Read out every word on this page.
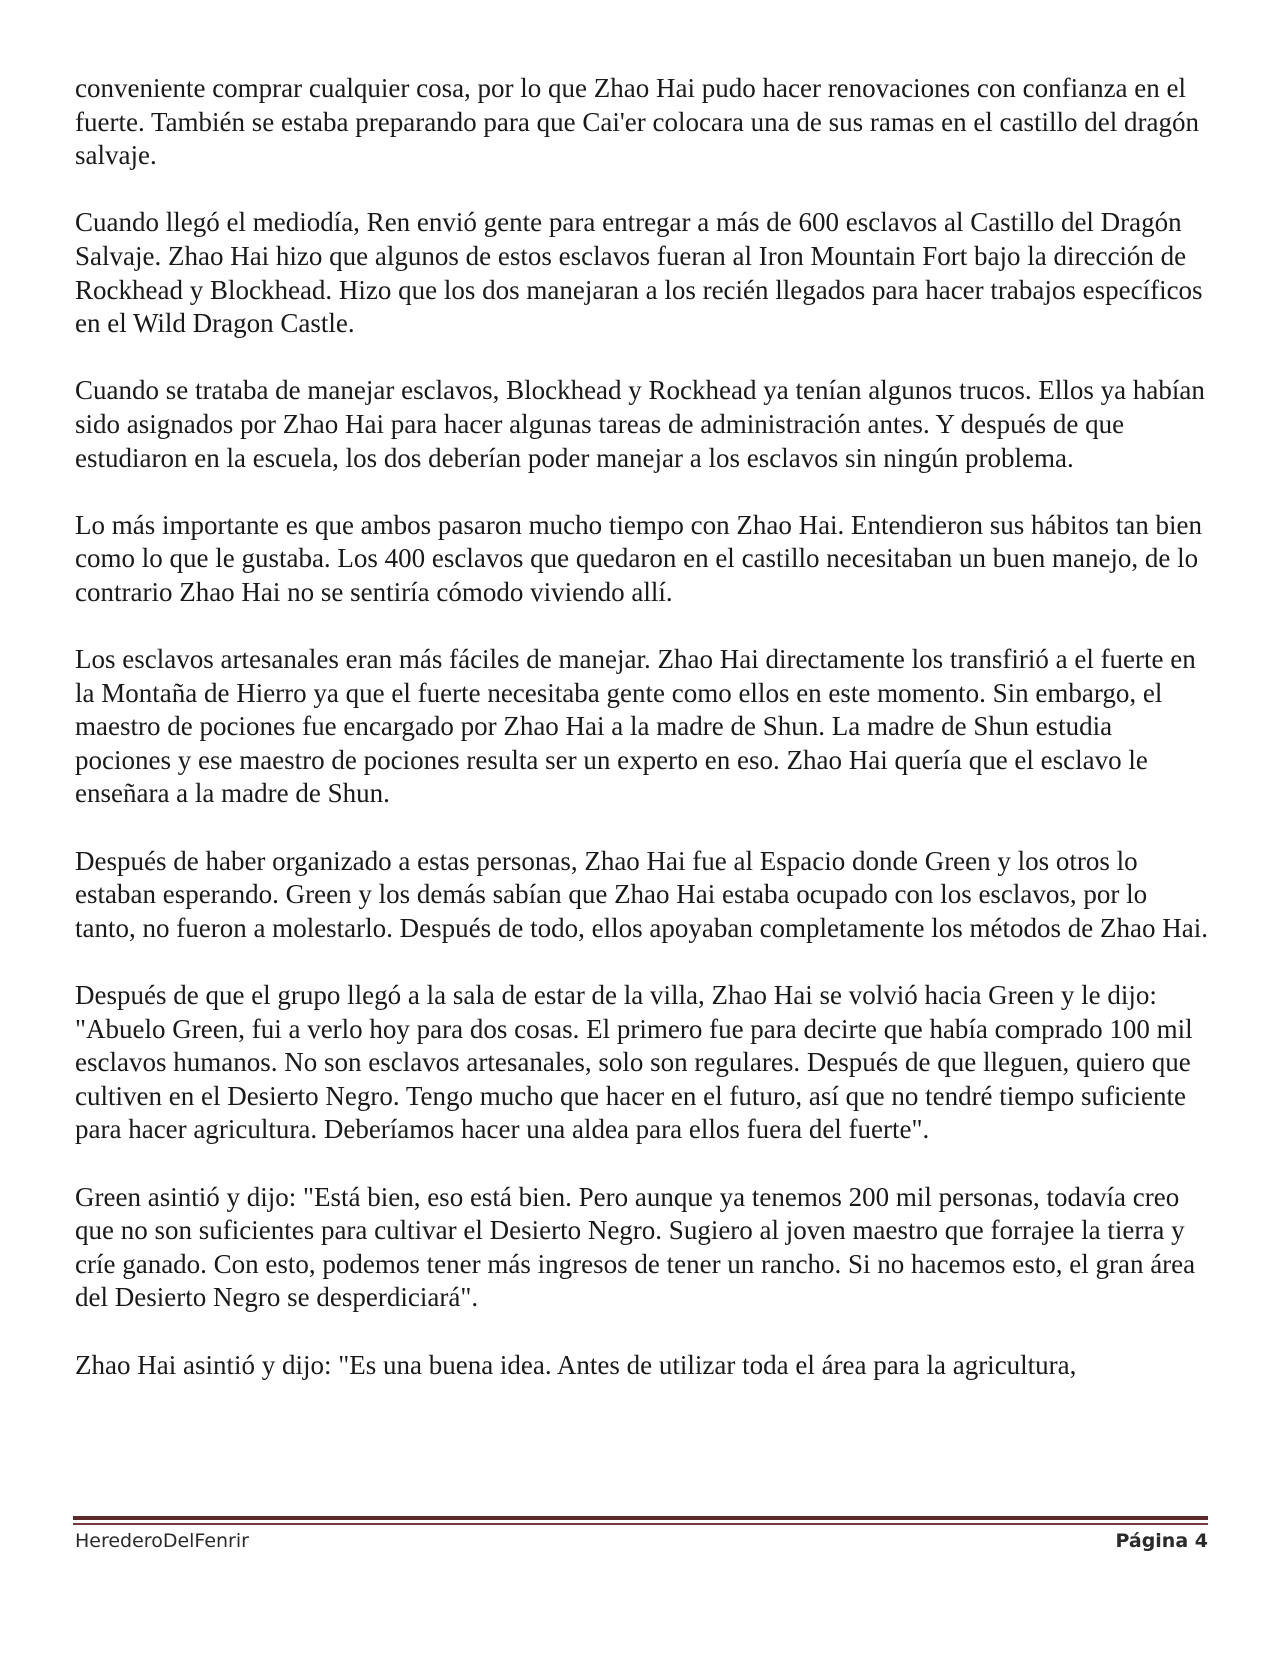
conveniente comprar cualquier cosa, por lo que Zhao Hai pudo hacer renovaciones con confianza en el fuerte. También se estaba preparando para que Cai'er colocara una de sus ramas en el castillo del dragón salvaje.

Cuando llegó el mediodía, Ren envió gente para entregar a más de 600 esclavos al Castillo del Dragón Salvaje. Zhao Hai hizo que algunos de estos esclavos fueran al Iron Mountain Fort bajo la dirección de Rockhead y Blockhead. Hizo que los dos manejaran a los recién llegados para hacer trabajos específicos en el Wild Dragon Castle.

Cuando se trataba de manejar esclavos, Blockhead y Rockhead ya tenían algunos trucos. Ellos ya habían sido asignados por Zhao Hai para hacer algunas tareas de administración antes. Y después de que estudiaron en la escuela, los dos deberían poder manejar a los esclavos sin ningún problema.

Lo más importante es que ambos pasaron mucho tiempo con Zhao Hai. Entendieron sus hábitos tan bien como lo que le gustaba. Los 400 esclavos que quedaron en el castillo necesitaban un buen manejo, de lo contrario Zhao Hai no se sentiría cómodo viviendo allí.

Los esclavos artesanales eran más fáciles de manejar. Zhao Hai directamente los transfirió a el fuerte en la Montaña de Hierro ya que el fuerte necesitaba gente como ellos en este momento. Sin embargo, el maestro de pociones fue encargado por Zhao Hai a la madre de Shun. La madre de Shun estudia pociones y ese maestro de pociones resulta ser un experto en eso. Zhao Hai quería que el esclavo le enseñara a la madre de Shun.

Después de haber organizado a estas personas, Zhao Hai fue al Espacio donde Green y los otros lo estaban esperando. Green y los demás sabían que Zhao Hai estaba ocupado con los esclavos, por lo tanto, no fueron a molestarlo. Después de todo, ellos apoyaban completamente los métodos de Zhao Hai.

Después de que el grupo llegó a la sala de estar de la villa, Zhao Hai se volvió hacia Green y le dijo: "Abuelo Green, fui a verlo hoy para dos cosas. El primero fue para decirte que había comprado 100 mil esclavos humanos. No son esclavos artesanales, solo son regulares. Después de que lleguen, quiero que cultiven en el Desierto Negro. Tengo mucho que hacer en el futuro, así que no tendré tiempo suficiente para hacer agricultura. Deberíamos hacer una aldea para ellos fuera del fuerte".

Green asintió y dijo: "Está bien, eso está bien. Pero aunque ya tenemos 200 mil personas, todavía creo que no son suficientes para cultivar el Desierto Negro. Sugiero al joven maestro que forrajee la tierra y críe ganado. Con esto, podemos tener más ingresos de tener un rancho. Si no hacemos esto, el gran área del Desierto Negro se desperdiciará".

Zhao Hai asintió y dijo: "Es una buena idea. Antes de utilizar toda el área para la agricultura,

HerederoDelFenrir	Página 4
